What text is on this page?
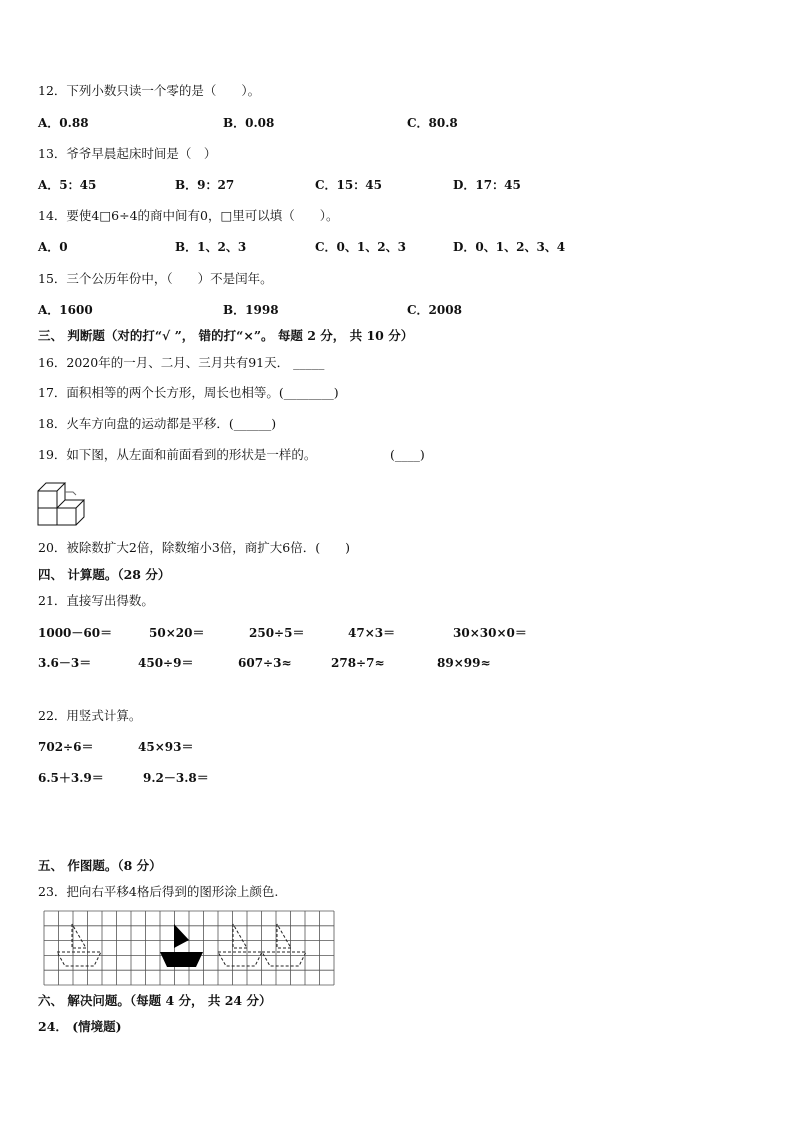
12．下列小数只读一个零的是（　　）。
A．0.88	B．0.08	C．80.8
13．爷爷早晨起床时间是（　）
A．5：45	B．9：27	C．15：45	D．17：45
14．要使4□6÷4的商中间有0，□里可以填（　　）。
A．0	B．1、2、3	C．0、1、2、3	D．0、1、2、3、4
15．三个公历年份中，（　　）不是闰年。
A．1600	B．1998	C．2008
三、 判断题（对的打“√ ”， 错的打“×”。 每题 2 分， 共 10 分）
16．2020年的一月、二月、三月共有91天． _____
17．面积相等的两个长方形，周长也相等。(________)
18．火车方向盘的运动都是平移．(______)
19．如下图，从左面和前面看到的形状是一样的。	(____)
20．被除数扩大2倍，除数缩小3倍，商扩大6倍．(　　)
四、 计算题。（28 分）
21．直接写出得数。
1000－60＝	50×20＝	250÷5＝	47×3＝	30×30×0＝
3.6－3＝	450÷9＝	607÷3≈	278÷7≈	89×99≈
22．用竖式计算。
702÷6＝	45×93＝
6.5＋3.9＝	9.2－3.8＝
五、 作图题。（8 分）
23．把向右平移4格后得到的图形涂上颜色.
六、 解决问题。（每题 4 分， 共 24 分）
24． (情境题)
